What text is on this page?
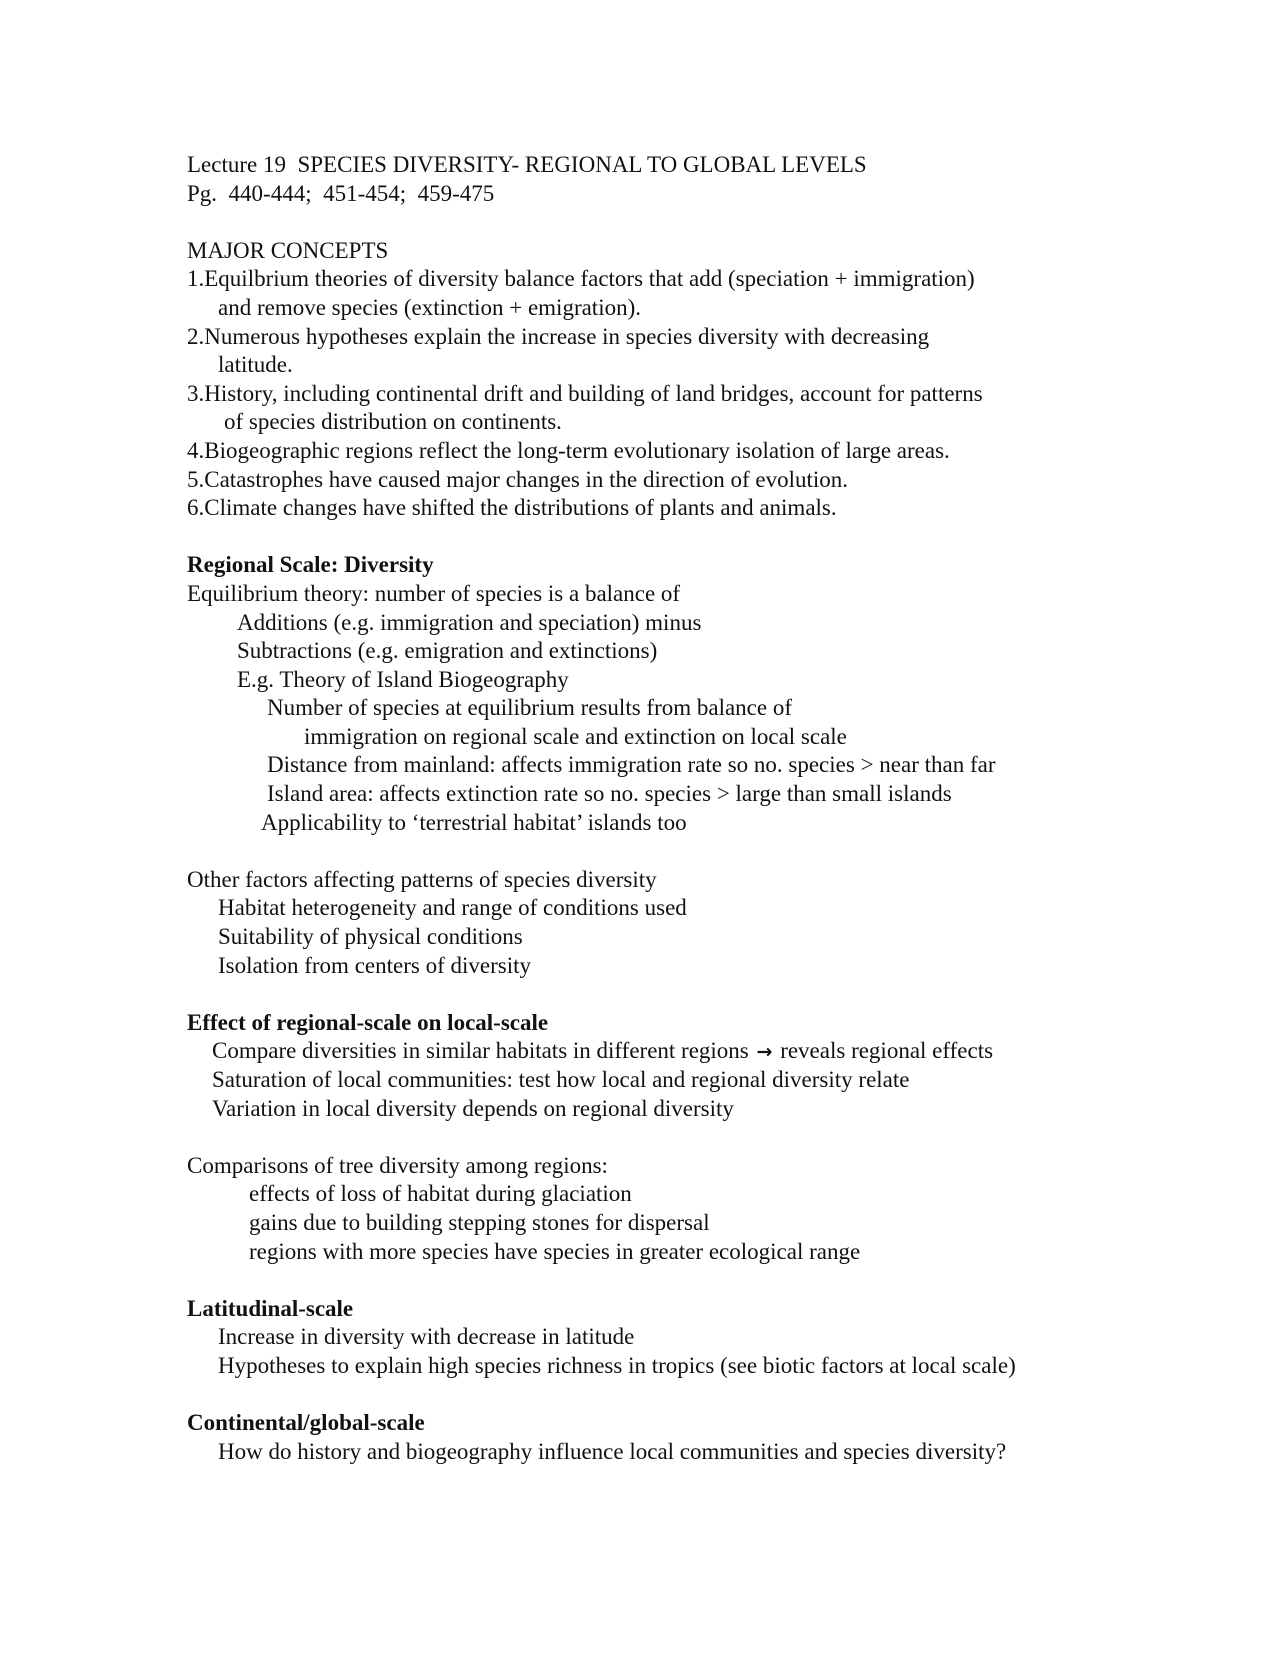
Lecture 19  SPECIES DIVERSITY- REGIONAL TO GLOBAL LEVELS
Pg.  440-444;  451-454;  459-475
MAJOR CONCEPTS
1.Equilbrium theories of diversity balance factors that add (speciation + immigration)
and remove species (extinction + emigration).
2.Numerous hypotheses explain the increase in species diversity with decreasing
latitude.
3.History, including continental drift and building of land bridges, account for patterns
of species distribution on continents.
4.Biogeographic regions reflect the long-term evolutionary isolation of large areas.
5.Catastrophes have caused major changes in the direction of evolution.
6.Climate changes have shifted the distributions of plants and animals.
Regional Scale: Diversity
Equilibrium theory: number of species is a balance of
Additions (e.g. immigration and speciation) minus
Subtractions (e.g. emigration and extinctions)
E.g. Theory of Island Biogeography
Number of species at equilibrium results from balance of
immigration on regional scale and extinction on local scale
Distance from mainland: affects immigration rate so no. species > near than far
Island area: affects extinction rate so no. species > large than small islands
Applicability to ‘terrestrial habitat’ islands too
Other factors affecting patterns of species diversity
Habitat heterogeneity and range of conditions used
Suitability of physical conditions
Isolation from centers of diversity
Effect of regional-scale on local-scale
Compare diversities in similar habitats in different regions → reveals regional effects
Saturation of local communities: test how local and regional diversity relate
Variation in local diversity depends on regional diversity
Comparisons of tree diversity among regions:
effects of loss of habitat during glaciation
gains due to building stepping stones for dispersal
regions with more species have species in greater ecological range
Latitudinal-scale
Increase in diversity with decrease in latitude
Hypotheses to explain high species richness in tropics (see biotic factors at local scale)
Continental/global-scale
How do history and biogeography influence local communities and species diversity?
